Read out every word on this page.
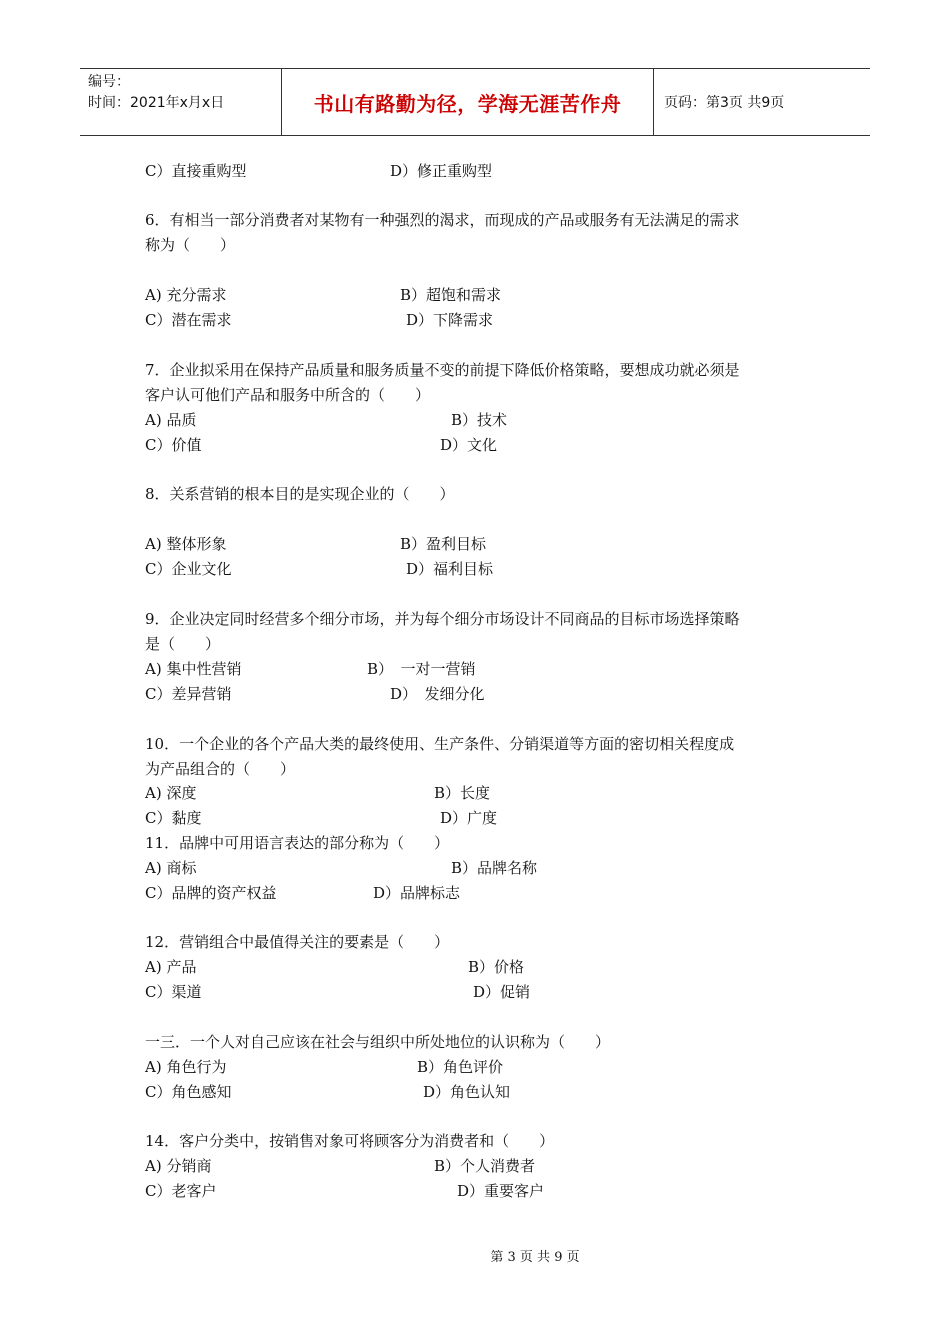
编号：
时间：2021年x月x日	书山有路勤为径，学海无涯苦作舟	页码：第3页 共9页
C）直接重购型	D）修正重购型
6．有相当一部分消费者对某物有一种强烈的渴求，而现成的产品或服务有无法满足的需求
称为（　　）
A) 充分需求	B）超饱和需求
C）潜在需求	D）下降需求
7．企业拟采用在保持产品质量和服务质量不变的前提下降低价格策略，要想成功就必须是
客户认可他们产品和服务中所含的（　　）
A) 品质	B）技术
C）价值	D）文化
8．关系营销的根本目的是实现企业的（　　）
A) 整体形象	B）盈利目标
C）企业文化	D）福利目标
9．企业决定同时经营多个细分市场，并为每个细分市场设计不同商品的目标市场选择策略
是（　　）
A) 集中性营销	B）　一对一营销
C）差异营销	D）　发细分化
10．一个企业的各个产品大类的最终使用、生产条件、分销渠道等方面的密切相关程度成
为产品组合的（　　）
A) 深度	B）长度
C）黏度	D）广度
11．品牌中可用语言表达的部分称为（　　）
A) 商标	B）品牌名称
C）品牌的资产权益	D）品牌标志
12．营销组合中最值得关注的要素是（　　）
A) 产品	B）价格
C）渠道	D）促销
一三．一个人对自己应该在社会与组织中所处地位的认识称为（　　）
A) 角色行为	B）角色评价
C）角色感知	D）角色认知
14．客户分类中，按销售对象可将顾客分为消费者和（　　）
A) 分销商	B）个人消费者
C）老客户	D）重要客户
第 3 页 共 9 页
